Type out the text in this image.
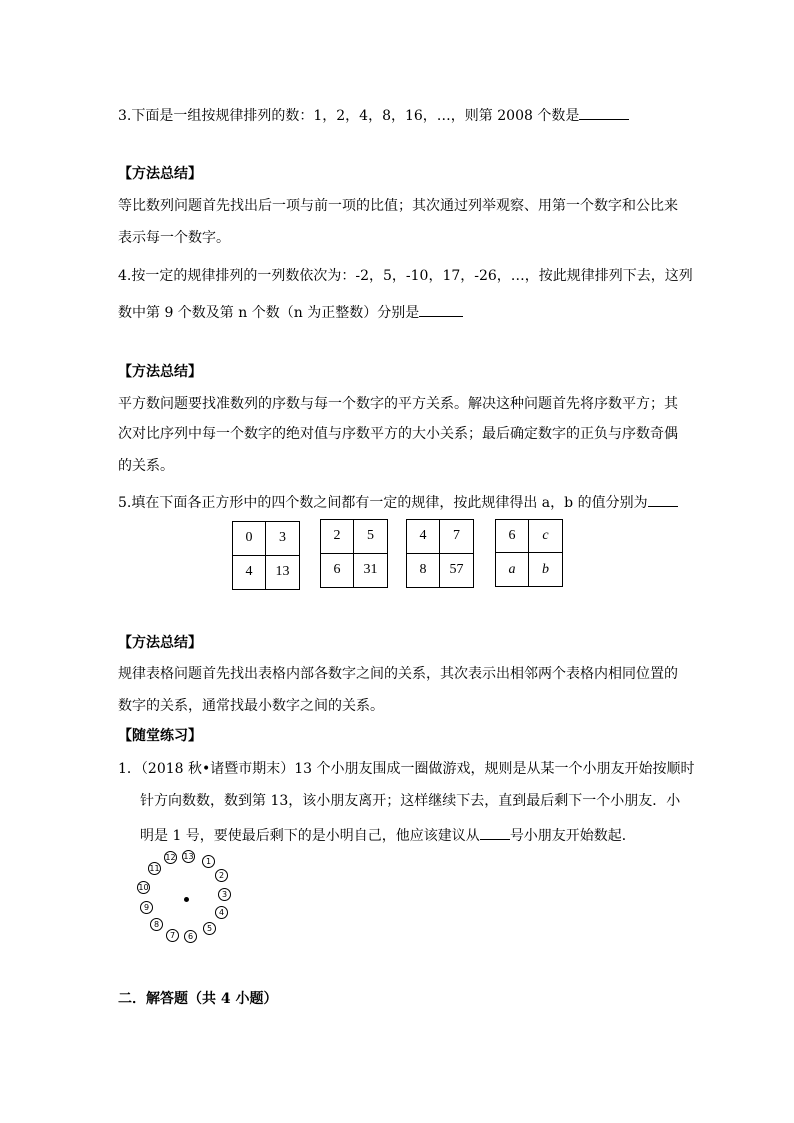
3.下面是一组按规律排列的数：1，2，4，8，16，…，则第 2008 个数是
【方法总结】
等比数列问题首先找出后一项与前一项的比值；其次通过列举观察、用第一个数字和公比来
表示每一个数字。
4.按一定的规律排列的一列数依次为：-2，5，-10，17，-26，…，按此规律排列下去，这列
数中第 9 个数及第 n 个数（n 为正整数）分别是
【方法总结】
平方数问题要找准数列的序数与每一个数字的平方关系。解决这种问题首先将序数平方；其
次对比序列中每一个数字的绝对值与序数平方的大小关系；最后确定数字的正负与序数奇偶
的关系。
5.填在下面各正方形中的四个数之间都有一定的规律，按此规律得出 a，b 的值分别为
0	3
4	13
2	5
6	31
4	7
8	57
6	c
a	b
【方法总结】
规律表格问题首先找出表格内部各数字之间的关系，其次表示出相邻两个表格内相同位置的
数字的关系，通常找最小数字之间的关系。
【随堂练习】
1．（2018 秋•诸暨市期末）13 个小朋友围成一圈做游戏，规则是从某一个小朋友开始按顺时
针方向数数，数到第 13，该小朋友离开；这样继续下去，直到最后剩下一个小朋友．小
明是 1 号，要使最后剩下的是小明自己，他应该建议从 号小朋友开始数起．
1
2
3
4
5
6
7
8
9
10
11
12 13
二．解答题（共 4 小题）
